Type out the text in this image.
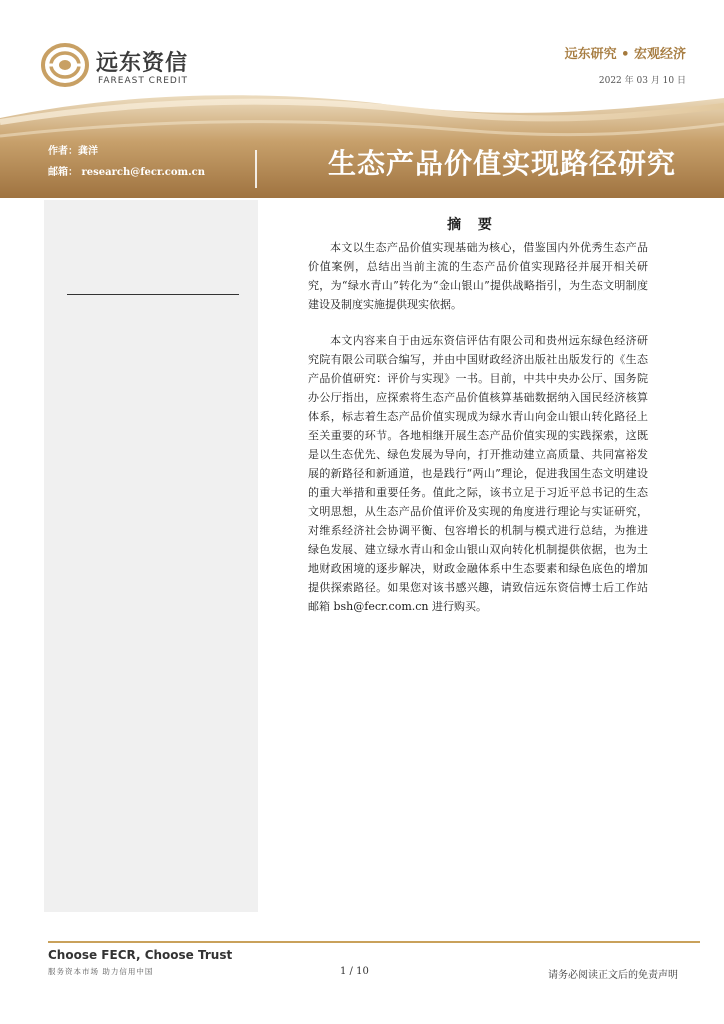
远东资信
FAREAST CREDIT
远东研究 • 宏观经济
2022 年 03 月 10 日
作者：龚洋
邮箱： research@fecr.com.cn	生态产品价值实现路径研究
摘 要

本文以生态产品价值实现基础为核心，借鉴国内外优秀生态产品价值案例，总结出当前主流的生态产品价值实现路径并展开相关研究，为“绿水青山”转化为“金山银山”提供战略指引，为生态文明制度建设及制度实施提供现实依据。

本文内容来自于由远东资信评估有限公司和贵州远东绿色经济研究院有限公司联合编写，并由中国财政经济出版社出版发行的《生态产品价值研究：评价与实现》一书。目前，中共中央办公厅、国务院办公厅指出，应探索将生态产品价值核算基础数据纳入国民经济核算体系，标志着生态产品价值实现成为绿水青山向金山银山转化路径上至关重要的环节。各地相继开展生态产品价值实现的实践探索，这既是以生态优先、绿色发展为导向，打开推动建立高质量、共同富裕发展的新路径和新通道，也是践行“两山”理论，促进我国生态文明建设的重大举措和重要任务。值此之际，该书立足于习近平总书记的生态文明思想，从生态产品价值评价及实现的角度进行理论与实证研究，对维系经济社会协调平衡、包容增长的机制与模式进行总结，为推进绿色发展、建立绿水青山和金山银山双向转化机制提供依据，也为土地财政困境的逐步解决，财政金融体系中生态要素和绿色底色的增加提供探索路径。如果您对该书感兴趣，请致信远东资信博士后工作站邮箱 bsh@fecr.com.cn 进行购买。

Choose FECR, Choose Trust
服务资本市场 助力信用中国	1 / 10	请务必阅读正文后的免责声明
